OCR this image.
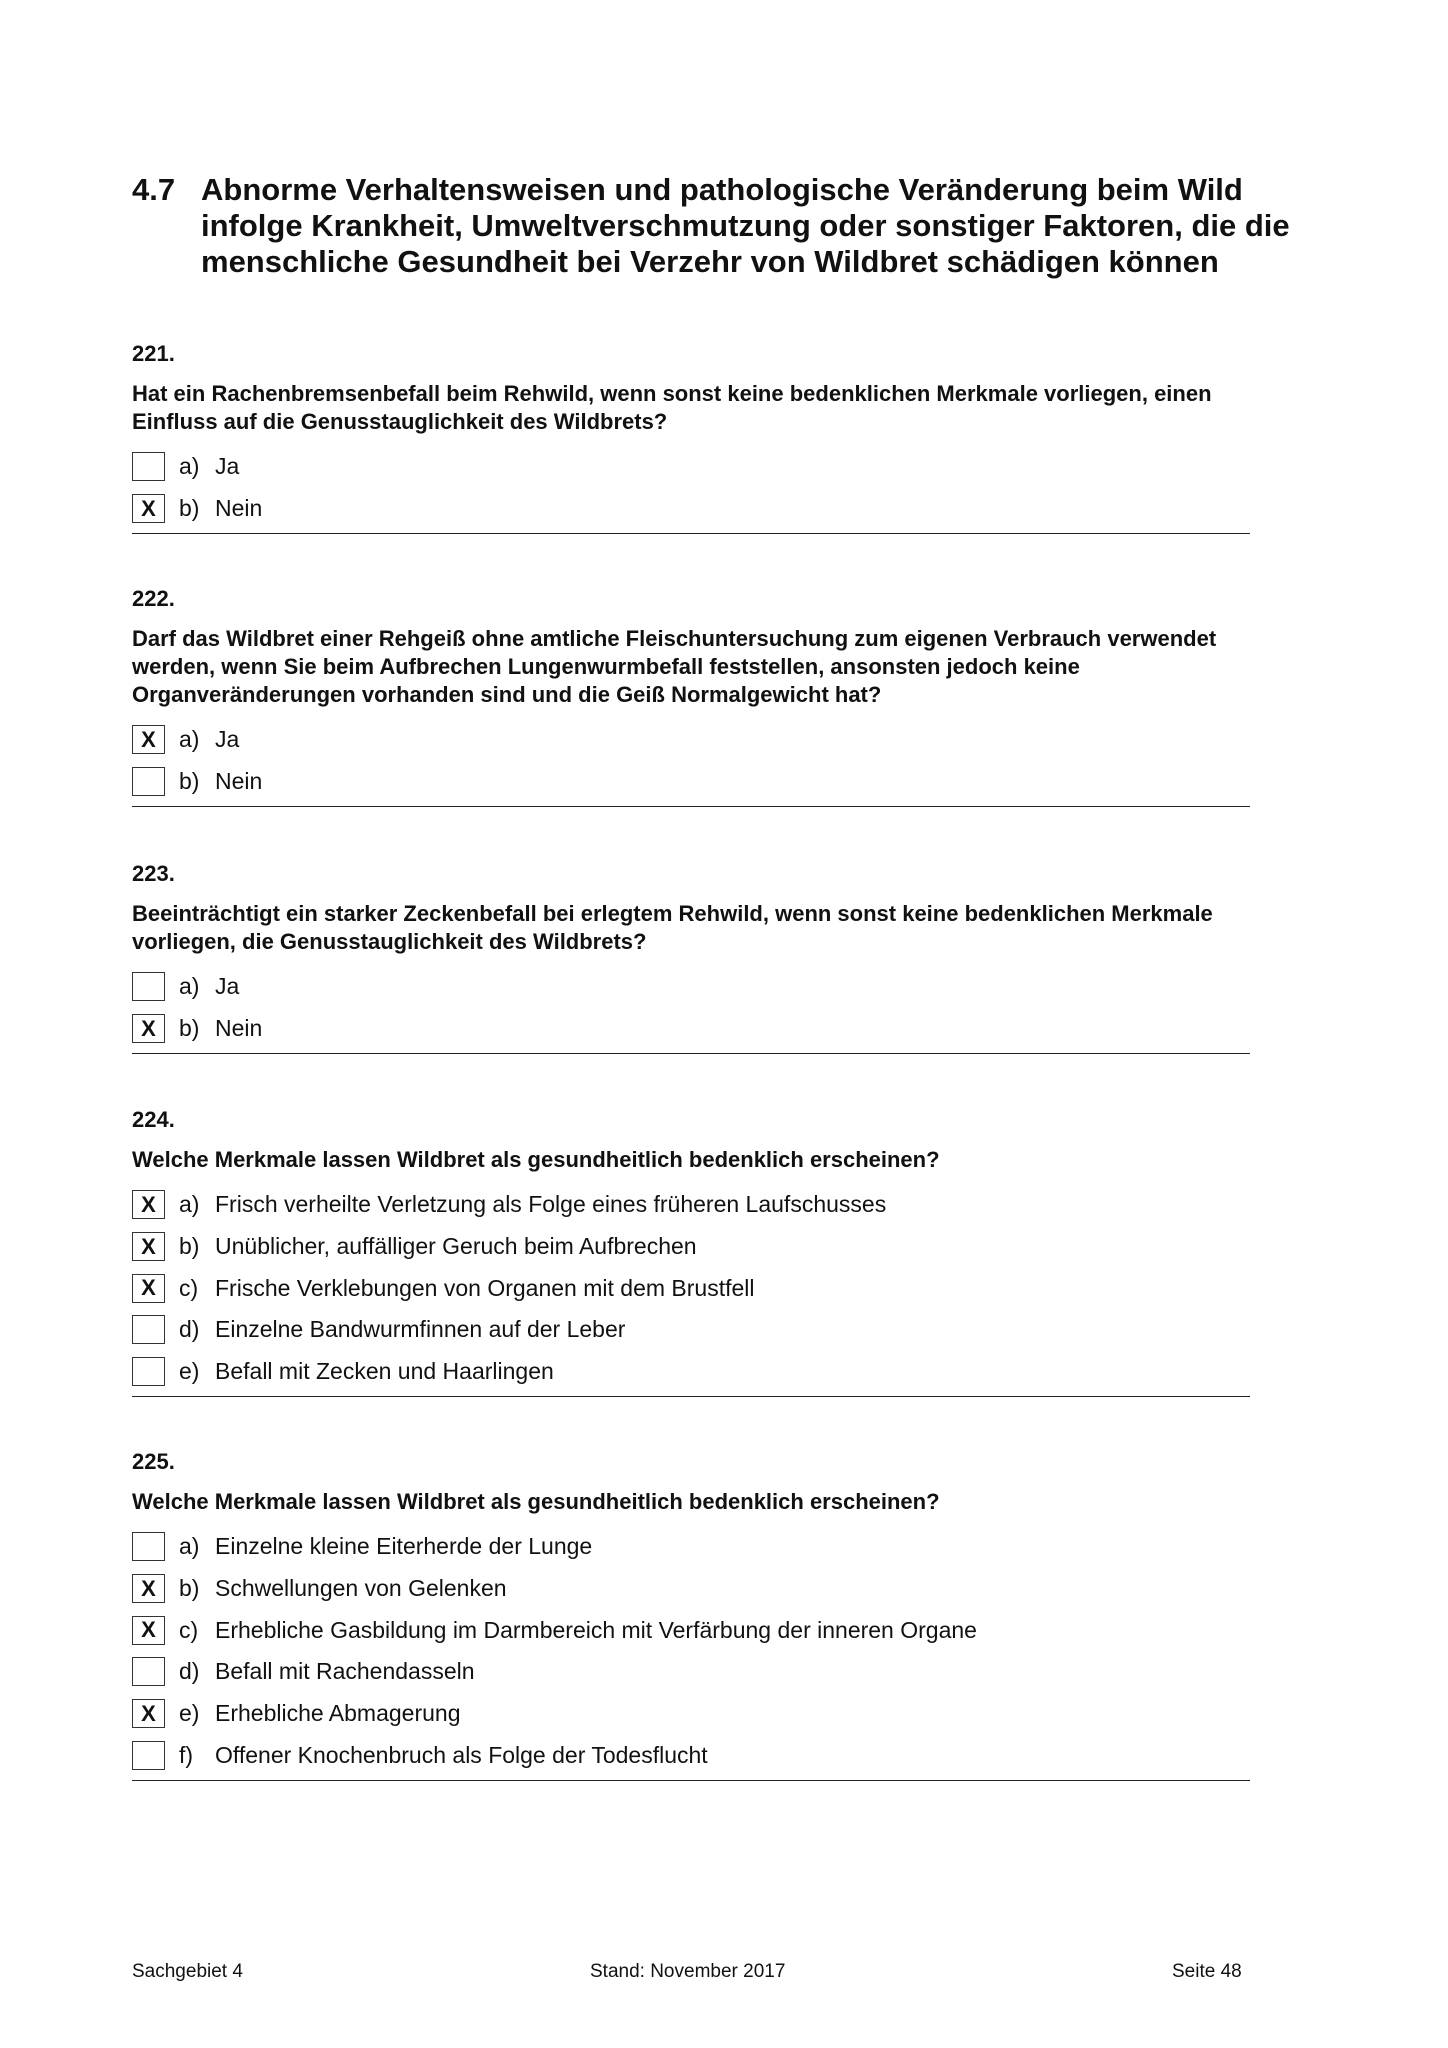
4.7 Abnorme Verhaltensweisen und pathologische Veränderung beim Wild infolge Krankheit, Umweltverschmutzung oder sonstiger Faktoren, die die menschliche Gesundheit bei Verzehr von Wildbret schädigen können
221.
Hat ein Rachenbremsenbefall beim Rehwild, wenn sonst keine bedenklichen Merkmale vorliegen, einen Einfluss auf die Genusstauglichkeit des Wildbrets?
a) Ja
X	b) Nein
222.
Darf das Wildbret einer Rehgeiß ohne amtliche Fleischuntersuchung zum eigenen Verbrauch verwendet werden, wenn Sie beim Aufbrechen Lungenwurmbefall feststellen, ansonsten jedoch keine Organveränderungen vorhanden sind und die Geiß Normalgewicht hat?
X	a) Ja
b) Nein
223.
Beeinträchtigt ein starker Zeckenbefall bei erlegtem Rehwild, wenn sonst keine bedenklichen Merkmale vorliegen, die Genusstauglichkeit des Wildbrets?
a) Ja
X	b) Nein
224.
Welche Merkmale lassen Wildbret als gesundheitlich bedenklich erscheinen?
X	a) Frisch verheilte Verletzung als Folge eines früheren Laufschusses
X	b) Unüblicher, auffälliger Geruch beim Aufbrechen
X	c) Frische Verklebungen von Organen mit dem Brustfell
d) Einzelne Bandwurmfinnen auf der Leber
e) Befall mit Zecken und Haarlingen
225.
Welche Merkmale lassen Wildbret als gesundheitlich bedenklich erscheinen?
a) Einzelne kleine Eiterherde der Lunge
X	b) Schwellungen von Gelenken
X	c) Erhebliche Gasbildung im Darmbereich mit Verfärbung der inneren Organe
d) Befall mit Rachendasseln
X	e) Erhebliche Abmagerung
f) Offener Knochenbruch als Folge der Todesflucht
Sachgebiet 4	Stand: November 2017	Seite 48
